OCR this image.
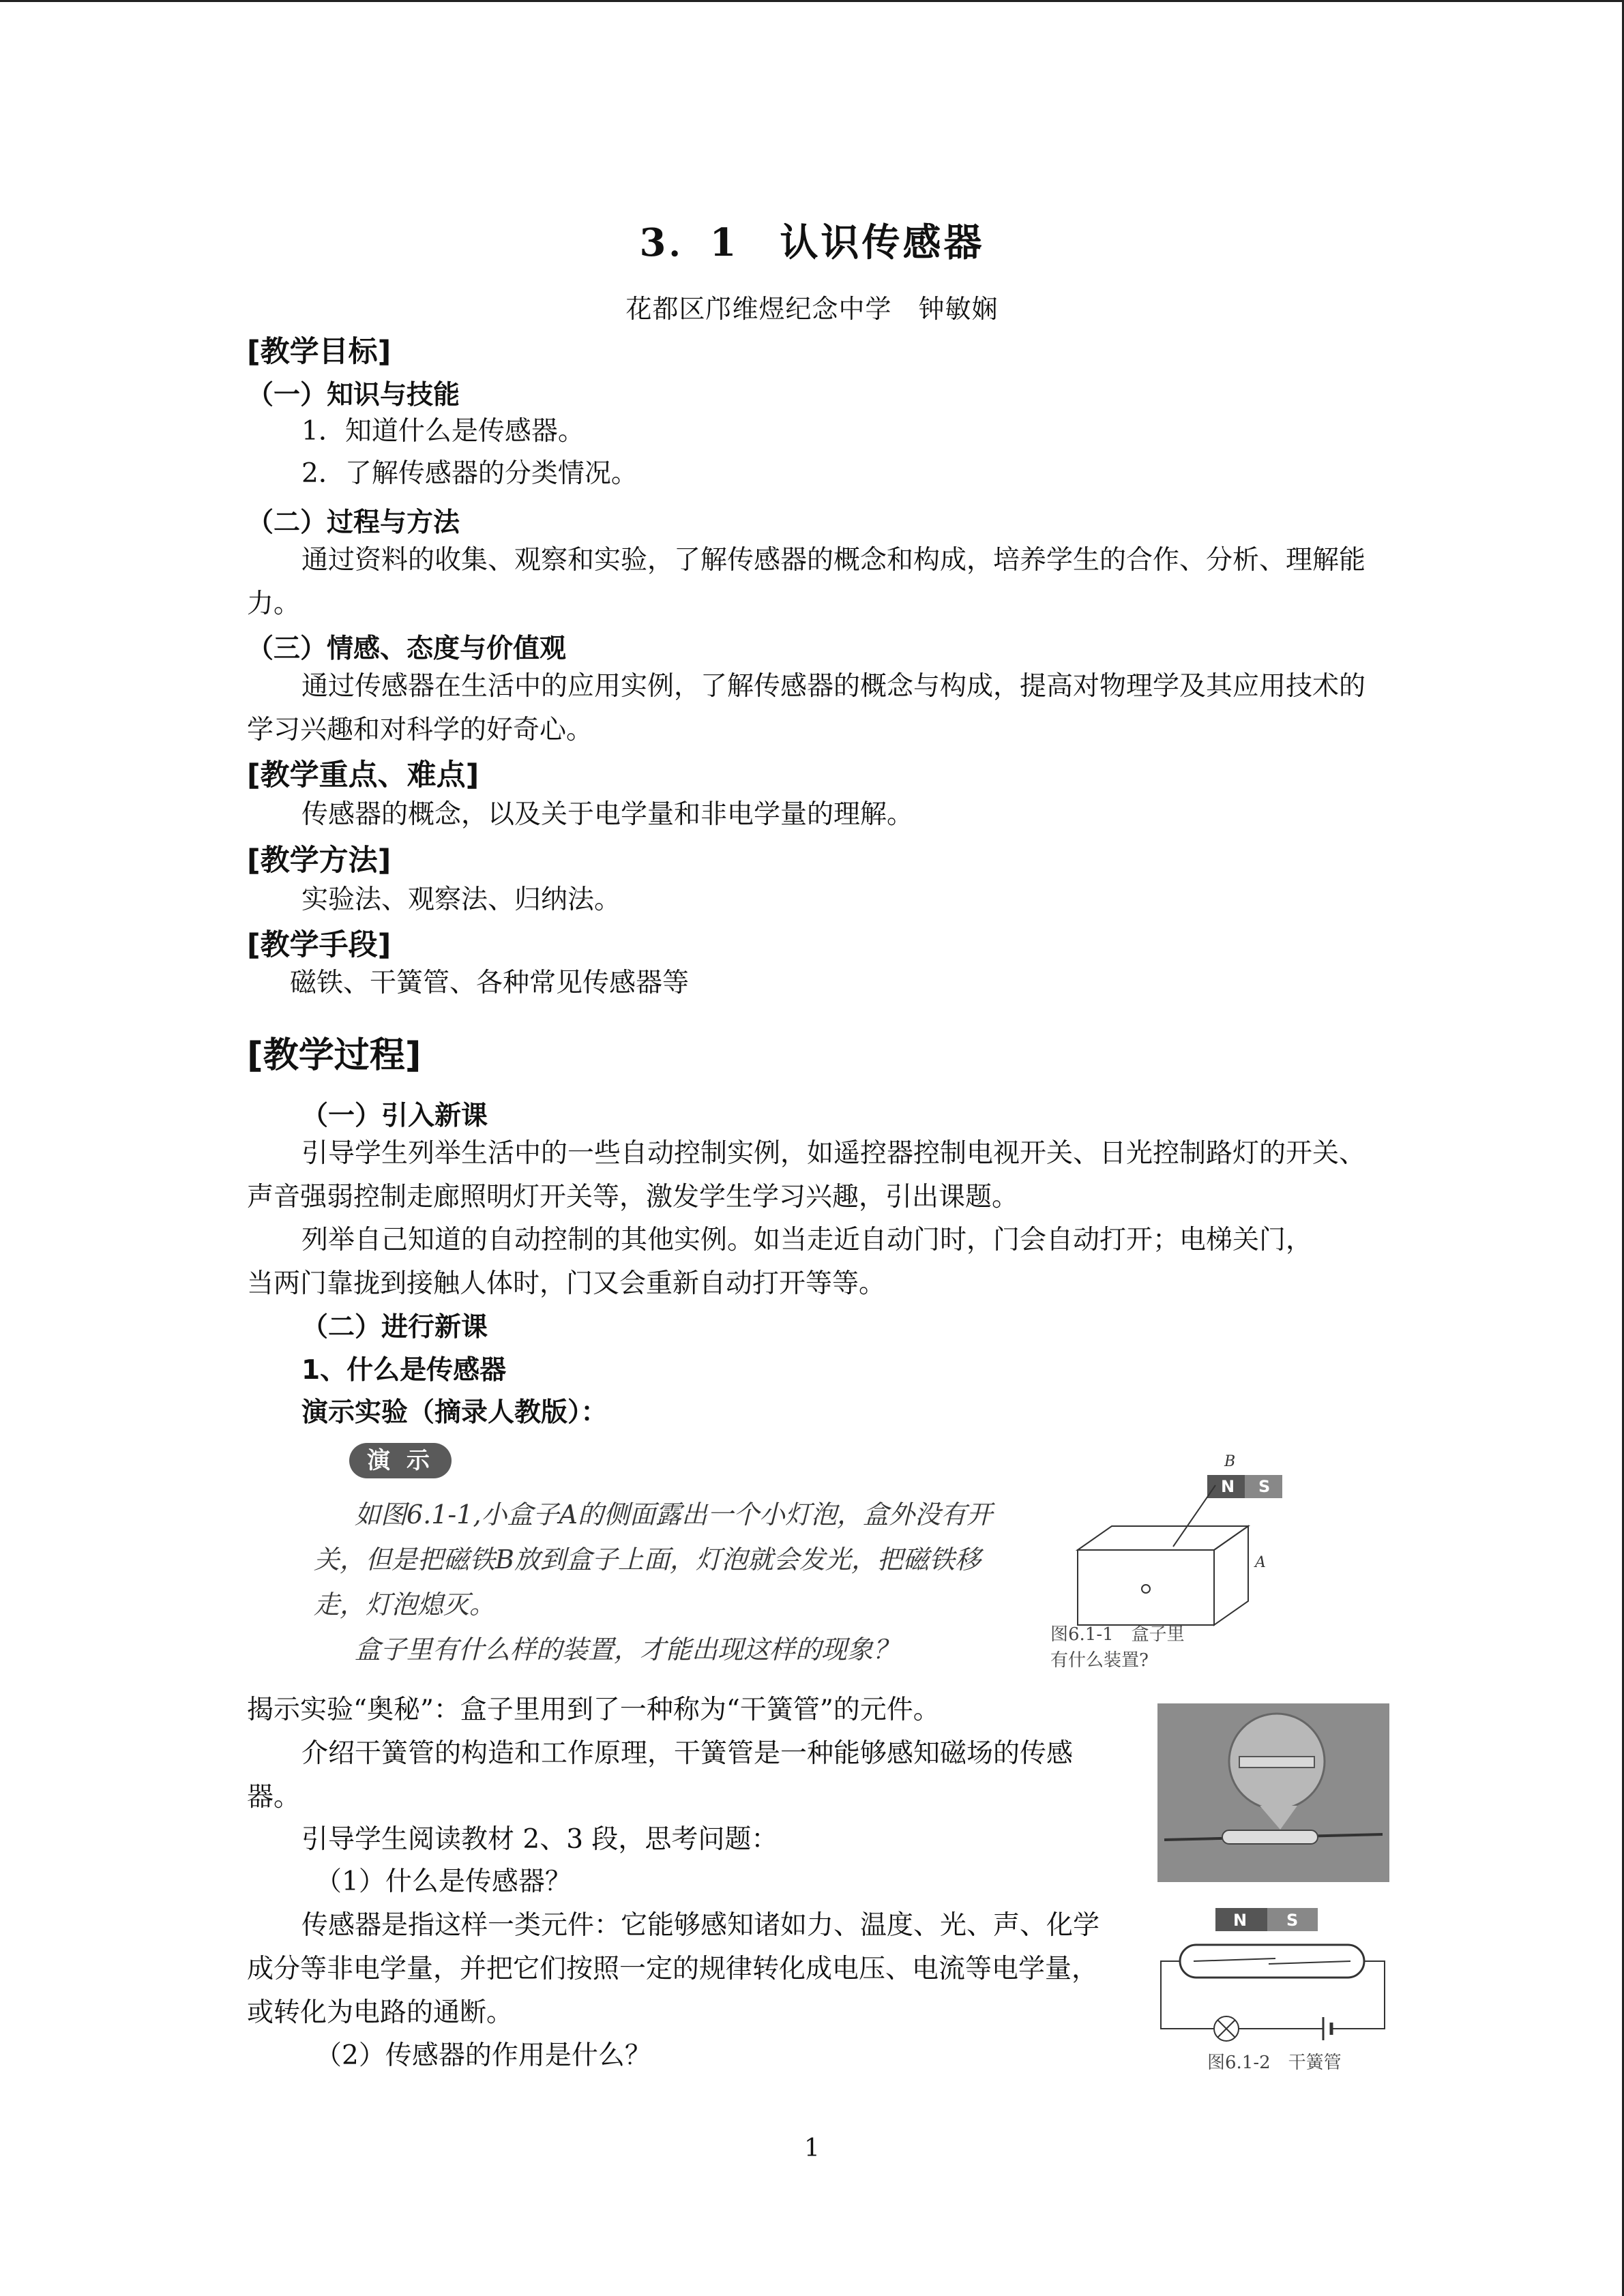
3．1　认识传感器
花都区邝维煜纪念中学　钟敏娴
[教学目标]
（一）知识与技能
1．知道什么是传感器。
2．了解传感器的分类情况。
（二）过程与方法
通过资料的收集、观察和实验，了解传感器的概念和构成，培养学生的合作、分析、理解能力。
（三）情感、态度与价值观
通过传感器在生活中的应用实例，了解传感器的概念与构成，提高对物理学及其应用技术的学习兴趣和对科学的好奇心。
[教学重点、难点]
传感器的概念，以及关于电学量和非电学量的理解。
[教学方法]
实验法、观察法、归纳法。
[教学手段]
磁铁、干簧管、各种常见传感器等
[教学过程]
（一）引入新课
引导学生列举生活中的一些自动控制实例，如遥控器控制电视开关、日光控制路灯的开关、声音强弱控制走廊照明灯开关等，激发学生学习兴趣，引出课题。
列举自己知道的自动控制的其他实例。如当走近自动门时，门会自动打开；电梯关门，当两门靠拢到接触人体时，门又会重新自动打开等等。
（二）进行新课
1、什么是传感器
演示实验（摘录人教版）：
演 示
如图6.1-1,小盒子A的侧面露出一个小灯泡，盒外没有开
关，但是把磁铁B放到盒子上面，灯泡就会发光，把磁铁移
走，灯泡熄灭。
盒子里有什么样的装置，才能出现这样的现象？
N S
B
A
图6.1-1　盒子里
有什么装置?
揭示实验“奥秘”：盒子里用到了一种称为“干簧管”的元件。
介绍干簧管的构造和工作原理，干簧管是一种能够感知磁场的传感器。
引导学生阅读教材 2、3 段，思考问题：
（1）什么是传感器？
传感器是指这样一类元件：它能够感知诸如力、温度、光、声、化学成分等非电学量，并把它们按照一定的规律转化成电压、电流等电学量，或转化为电路的通断。
（2）传感器的作用是什么？
N S
图6.1-2　干簧管
1
